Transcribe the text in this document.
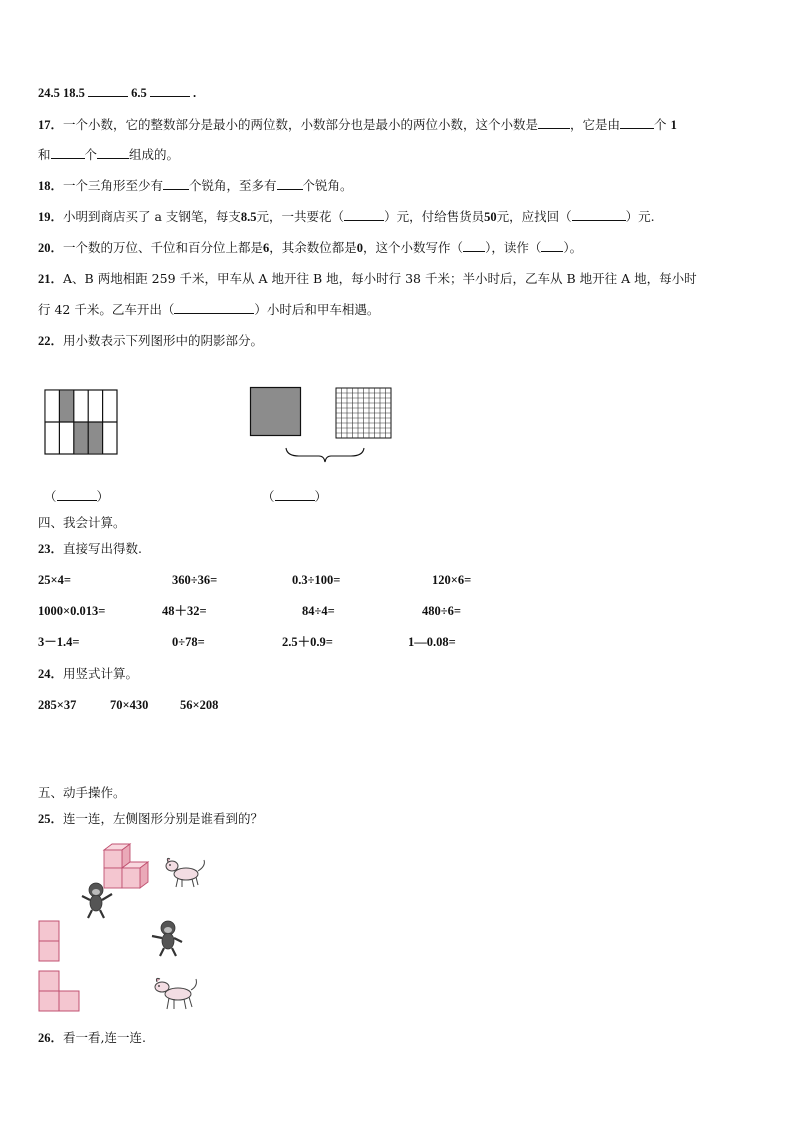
24.5 18.5	6.5	.
17．一个小数，它的整数部分是最小的两位数，小数部分也是最小的两位小数，这个小数是	，它是由	个 1
和	个	组成的。
18．一个三角形至少有 个锐角，至多有 个锐角。
19．小明到商店买了 a 支钢笔，每支8.5元，一共要花（	）元，付给售货员50元，应找回（	）元.
20．一个数的万位、千位和百分位上都是6，其余数位都是0，这个小数写作（ ），读作（ ）。
21．A、B 两地相距 259 千米，甲车从 A 地开往 B 地，每小时行 38 千米；半小时后，乙车从 B 地开往 A 地，每小时
行 42 千米。乙车开出（	）小时后和甲车相遇。
22．用小数表示下列图形中的阴影部分。
（	）	（	）
四、我会计算。
23．直接写出得数.
25×4=	360÷36=	0.3÷100=	120×6=
1000×0.013=	48＋32=	84÷4=	480÷6=
3－1.4=	0÷78=	2.5＋0.9=	1—0.08=
24．用竖式计算。
285×37	70×430	56×208
五、动手操作。
25．连一连，左侧图形分别是谁看到的？
26．看一看,连一连.
